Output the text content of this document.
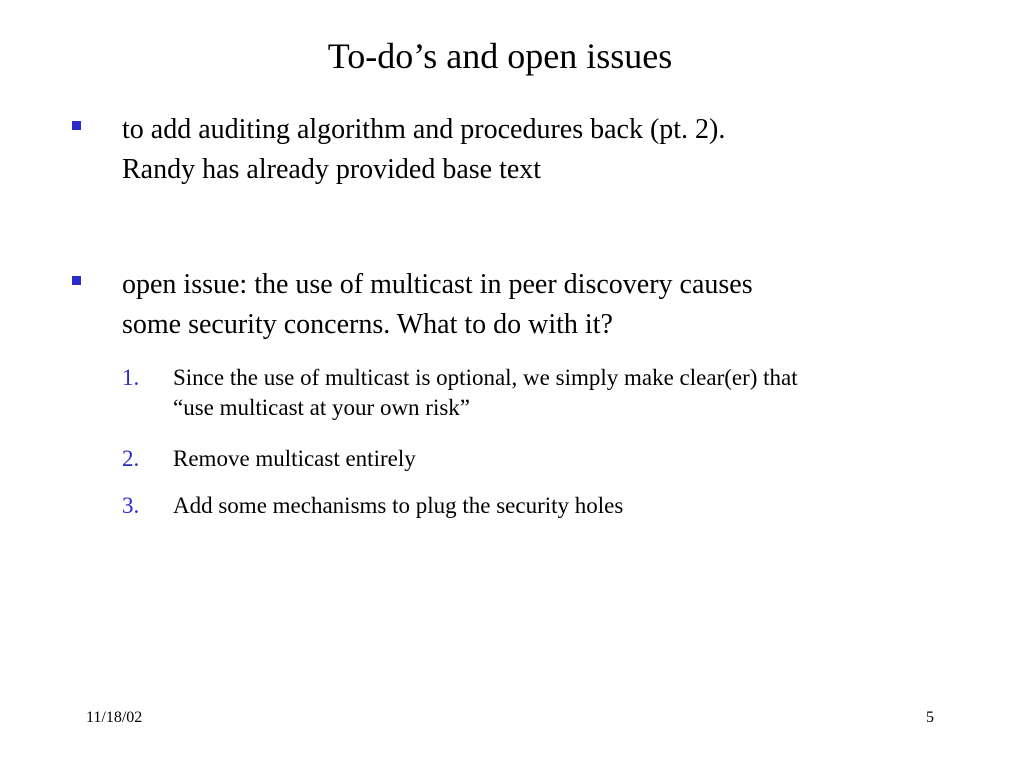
To-do’s and open issues
to add auditing algorithm and procedures back (pt. 2).
Randy has already provided base text
open issue: the use of multicast in peer discovery causes
some security concerns. What to do with it?
1. Since the use of multicast is optional, we simply make clear(er) that
“use multicast at your own risk”
2. Remove multicast entirely
3. Add some mechanisms to plug the security holes
11/18/02	5
